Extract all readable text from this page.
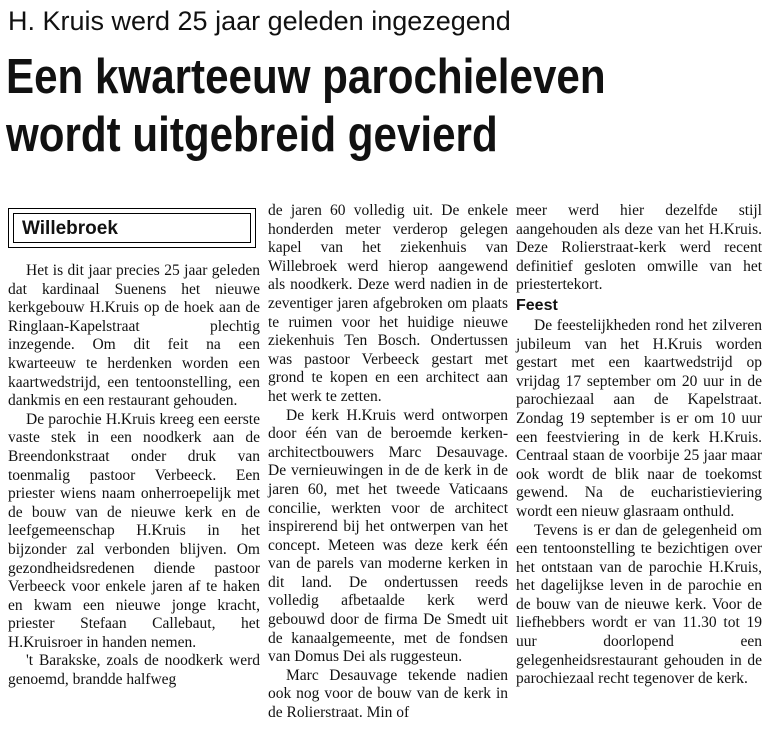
H. Kruis werd 25 jaar geleden ingezegend
Een kwarteeuw parochieleven
wordt uitgebreid gevierd
Willebroek

Het is dit jaar precies 25 jaar geleden dat kardinaal Suenens het nieuwe kerkgebouw H.Kruis op de hoek aan de Ringlaan-Kapelstraat plechtig inzegende. Om dit feit na een kwarteeuw te herdenken worden een kaartwedstrijd, een tentoonstelling, een dankmis en een restaurant gehouden.

De parochie H.Kruis kreeg een eerste vaste stek in een noodkerk aan de Breendonkstraat onder druk van toenmalig pastoor Verbeeck. Een priester wiens naam onherroepelijk met de bouw van de nieuwe kerk en de leefgemeenschap H.Kruis in het bijzonder zal verbonden blijven. Om gezondheidsredenen diende pastoor Verbeeck voor enkele jaren af te haken en kwam een nieuwe jonge kracht, priester Stefaan Callebaut, het H.Kruisroer in handen nemen.

't Barakske, zoals de noodkerk werd genoemd, brandde halfweg

de jaren 60 volledig uit. De enkele honderden meter verderop gelegen kapel van het ziekenhuis van Willebroek werd hierop aangewend als noodkerk. Deze werd nadien in de zeventiger jaren afgebroken om plaats te ruimen voor het huidige nieuwe ziekenhuis Ten Bosch. Ondertussen was pastoor Verbeeck gestart met grond te kopen en een architect aan het werk te zetten.

De kerk H.Kruis werd ontworpen door één van de beroemde kerken-architectbouwers Marc Desauvage. De vernieuwingen in de de kerk in de jaren 60, met het tweede Vaticaans concilie, werkten voor de architect inspirerend bij het ontwerpen van het concept. Meteen was deze kerk één van de parels van moderne kerken in dit land. De ondertussen reeds volledig afbetaalde kerk werd gebouwd door de firma De Smedt uit de kanaalgemeente, met de fondsen van Domus Dei als ruggesteun.

Marc Desauvage tekende nadien ook nog voor de bouw van de kerk in de Rolierstraat. Min of

meer werd hier dezelfde stijl aangehouden als deze van het H.Kruis. Deze Rolierstraat-kerk werd recent definitief gesloten omwille van het priestertekort.

Feest

De feestelijkheden rond het zilveren jubileum van het H.Kruis worden gestart met een kaartwedstrijd op vrijdag 17 september om 20 uur in de parochiezaal aan de Kapelstraat. Zondag 19 september is er om 10 uur een feestviering in de kerk H.Kruis. Centraal staan de voorbije 25 jaar maar ook wordt de blik naar de toekomst gewend. Na de eucharistieviering wordt een nieuw glasraam onthuld.

Tevens is er dan de gelegenheid om een tentoonstelling te bezichtigen over het ontstaan van de parochie H.Kruis, het dagelijkse leven in de parochie en de bouw van de nieuwe kerk. Voor de liefhebbers wordt er van 11.30 tot 19 uur doorlopend een gelegenheidsrestaurant gehouden in de parochiezaal recht tegenover de kerk.
